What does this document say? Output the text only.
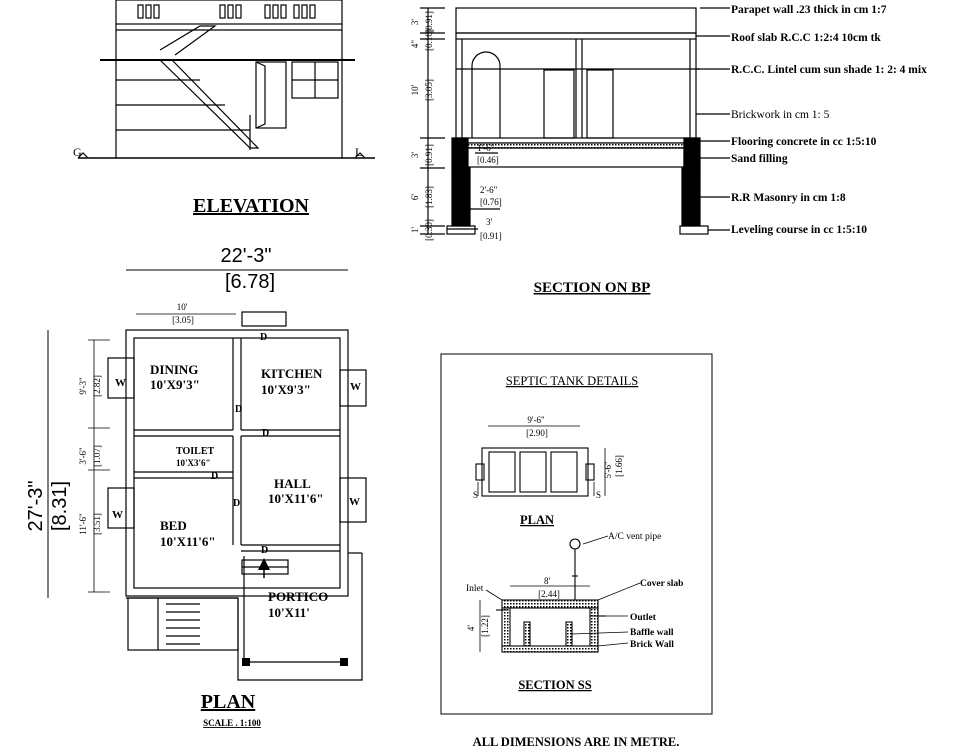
G	L
ELEVATION
3' [0.91]
4" [0.10]
10' [3.05]
3' [0.91]
6' [1.83]
1' [0.30]
1'-6"
[0.46]
2'-6"
[0.76]
3'
[0.91]
Parapet wall .23 thick in cm 1:7
Roof slab R.C.C 1:2:4 10cm tk
R.C.C. Lintel cum sun shade 1: 2: 4 mix
Brickwork in cm 1: 5
Flooring concrete in cc 1:5:10
Sand filling
R.R Masonry in cm 1:8
Leveling course in cc 1:5:10
SECTION ON BP
22'-3"
[6.78]
27'-3" [8.31]
9'-3" [2.82]
3'-6" [1.07]
11'-6" [3.51]
10'
[3.05]
DINING
10'X9'3"
KITCHEN
10'X9'3"
TOILET
10'X3'6"
HALL
10'X11'6"
BED
10'X11'6"
PORTICO
10'X11'
D
D
D
D
D
D
W
W
W
W
PLAN
SCALE . 1:100
SEPTIC TANK DETAILS
9'-6"
[2.90]
5'-6" [1.66]
S	S
PLAN
8'
[2.44]
4' [1.22]
A/C vent pipe
Cover slab
Inlet
Outlet
Baffle wall
Brick Wall
SECTION SS
ALL DIMENSIONS ARE IN METRE.
